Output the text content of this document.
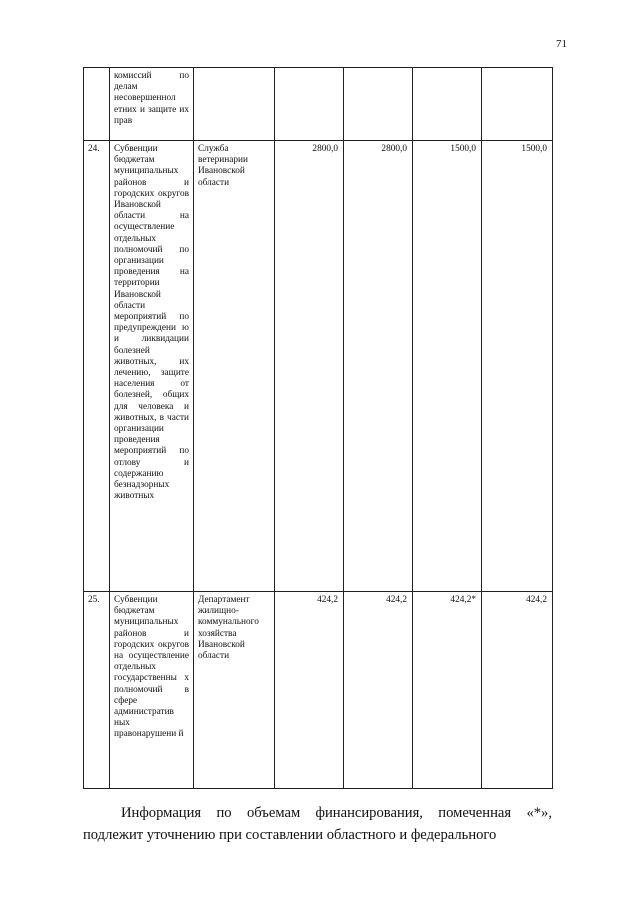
71
	комиссий по делам несовершеннол етних и защите их прав					
24.	Субвенции бюджетам муниципальных районов и городских округов Ивановской области на осуществление отдельных полномочий по организации проведения на территории Ивановской области мероприятий по предупреждени ю и ликвидации болезней животных, их лечению, защите населения от болезней, общих для человека и животных, в части организации проведения мероприятий по отлову и содержанию безнадзорных животных	Служба ветеринарии Ивановской области	2800,0	2800,0	1500,0	1500,0
25.	Субвенции бюджетам муниципальных районов и городских округов на осуществление отдельных государственны х полномочий в сфере административ ных правонарушени й	Департамент жилищно-коммунального хозяйства Ивановской области	424,2	424,2	424,2*	424,2

Информация по объемам финансирования, помеченная «*», подлежит уточнению при составлении областного и федерального
